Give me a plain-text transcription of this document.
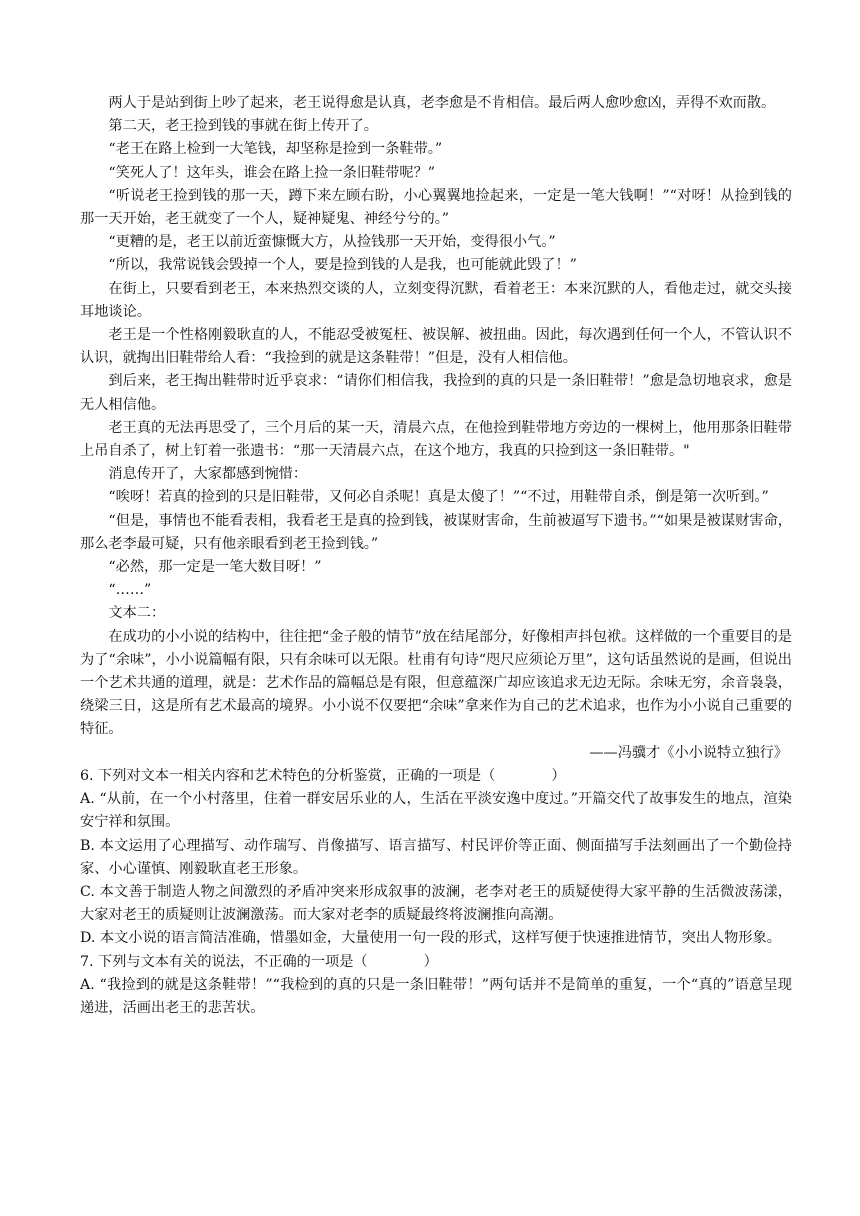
两人于是站到街上吵了起来，老王说得愈是认真，老李愈是不肯相信。最后两人愈吵愈凶，弄得不欢而散。

第二天，老王捡到钱的事就在街上传开了。

“老王在路上检到一大笔钱，却坚称是捡到一条鞋带。”

“笑死人了！这年头，谁会在路上捡一条旧鞋带呢？”

“听说老王捡到钱的那一天，蹲下来左顾右盼，小心翼翼地捡起来，一定是一笔大钱啊！”“对呀！从捡到钱的那一天开始，老王就变了一个人，疑神疑鬼、神经兮兮的。”

“更糟的是，老王以前近蛮慷慨大方，从捡钱那一天开始，变得很小气。”

“所以，我常说钱会毁掉一个人，要是捡到钱的人是我，也可能就此毁了！”

在街上，只要看到老王，本来热烈交谈的人，立刻变得沉默，看着老王：本来沉默的人，看他走过，就交头接耳地谈论。

老王是一个性格刚毅耿直的人，不能忍受被冤枉、被误解、被扭曲。因此，每次遇到任何一个人，不管认识不认识，就掏出旧鞋带给人看：“我捡到的就是这条鞋带！”但是，没有人相信他。

到后来，老王掏出鞋带时近乎哀求：“请你们相信我，我捡到的真的只是一条旧鞋带！”愈是急切地哀求，愈是无人相信他。

老王真的无法再思受了，三个月后的某一天，清晨六点，在他捡到鞋带地方旁边的一棵树上，他用那条旧鞋带上吊自杀了，树上钉着一张遗书：“那一天清晨六点，在这个地方，我真的只捡到这一条旧鞋带。"

消息传开了，大家都感到惋惜：

“唉呀！若真的捡到的只是旧鞋带，又何必自杀呢！真是太傻了！”“不过，用鞋带自杀，倒是第一次听到。”

“但是，事情也不能看表相，我看老王是真的捡到钱，被谋财害命，生前被逼写下遗书。”“如果是被谋财害命，那么老李最可疑，只有他亲眼看到老王捡到钱。”

“必然，那一定是一笔大数目呀！”

“……”

文本二：

在成功的小小说的结构中，往往把“金子般的情节”放在结尾部分，好像相声抖包袱。这样做的一个重要目的是为了“余味”，小小说篇幅有限，只有余味可以无限。杜甫有句诗“咫尺应须论万里”，这句话虽然说的是画，但说出一个艺术共通的道理，就是：艺术作品的篇幅总是有限，但意蕴深广却应该追求无边无际。余味无穷，余音袅袅，绕梁三日，这是所有艺术最高的境界。小小说不仅要把“余味”拿来作为自己的艺术追求，也作为小小说自己重要的特征。

——冯骥才《小小说特立独行》

6. 下列对文本一相关内容和艺术特色的分析鉴赏，正确的一项是（	）

A. “从前，在一个小村落里，住着一群安居乐业的人，生活在平淡安逸中度过。”开篇交代了故事发生的地点，渲染安宁祥和氛围。

B. 本文运用了心理描写、动作瑞写、肖像描写、语言描写、村民评价等正面、侧面描写手法刻画出了一个勤俭持家、小心谨慎、刚毅耿直老王形象。

C. 本文善于制造人物之间激烈的矛盾冲突来形成叙事的波澜，老李对老王的质疑使得大家平静的生活微波荡漾，大家对老王的质疑则让波澜激荡。而大家对老李的质疑最终将波澜推向高潮。

D. 本文小说的语言简洁准确，惜墨如金，大量使用一句一段的形式，这样写便于快速推进情节，突出人物形象。

7. 下列与文本有关的说法，不正确的一项是（	）

A. “我捡到的就是这条鞋带！”“我检到的真的只是一条旧鞋带！”两句话并不是简单的重复，一个“真的”语意呈现递进，活画出老王的悲苦状。
